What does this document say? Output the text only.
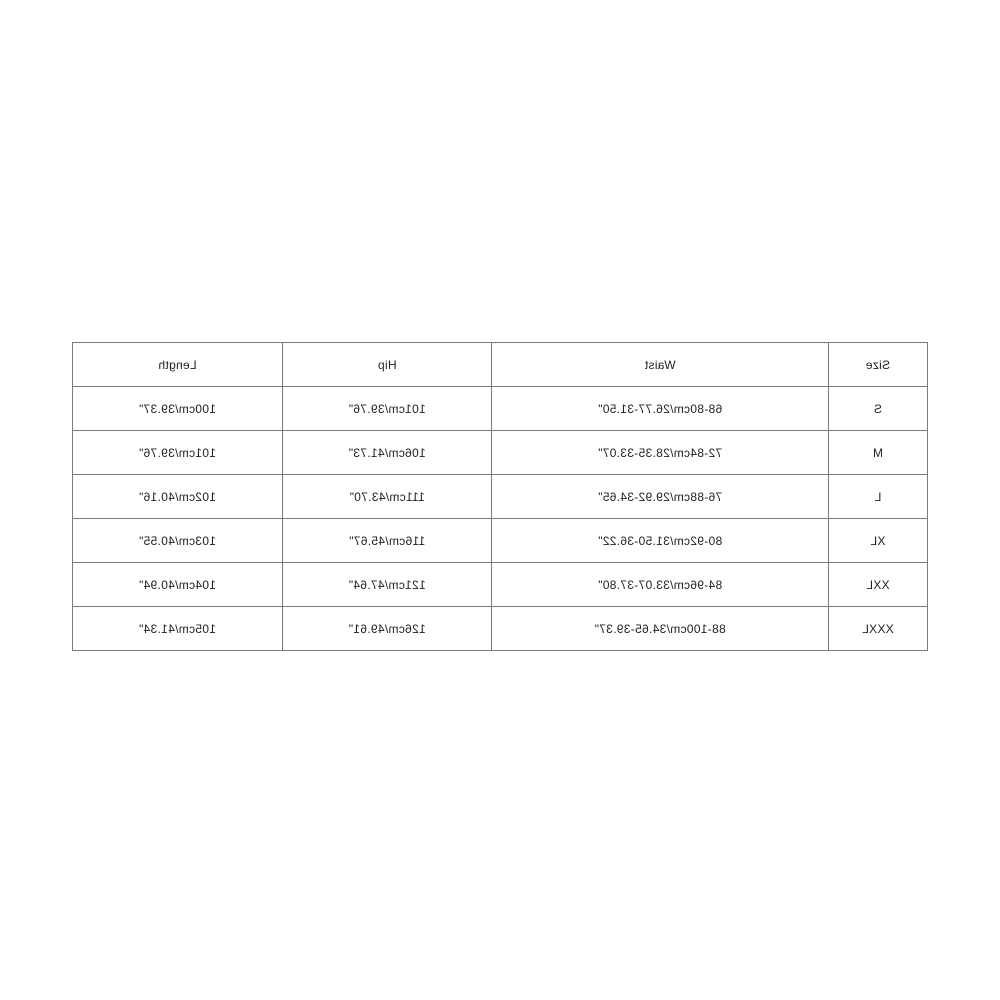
Size	Waist	Hip	Length
S	68-80cm/26.77-31.50"	101cm/39.76"	100cm/39.37"
M	72-84cm/28.35-33.07"	106cm/41.73"	101cm/39.76"
L	76-88cm/29.92-34.65"	111cm/43.70"	102cm/40.16"
XL	80-92cm/31.50-36.22"	116cm/45.67"	103cm/40.55"
XXL	84-96cm/33.07-37.80"	121cm/47.64"	104cm/40.94"
XXXL	88-100cm/34.65-39.37"	126cm/49.61"	105cm/41.34"
